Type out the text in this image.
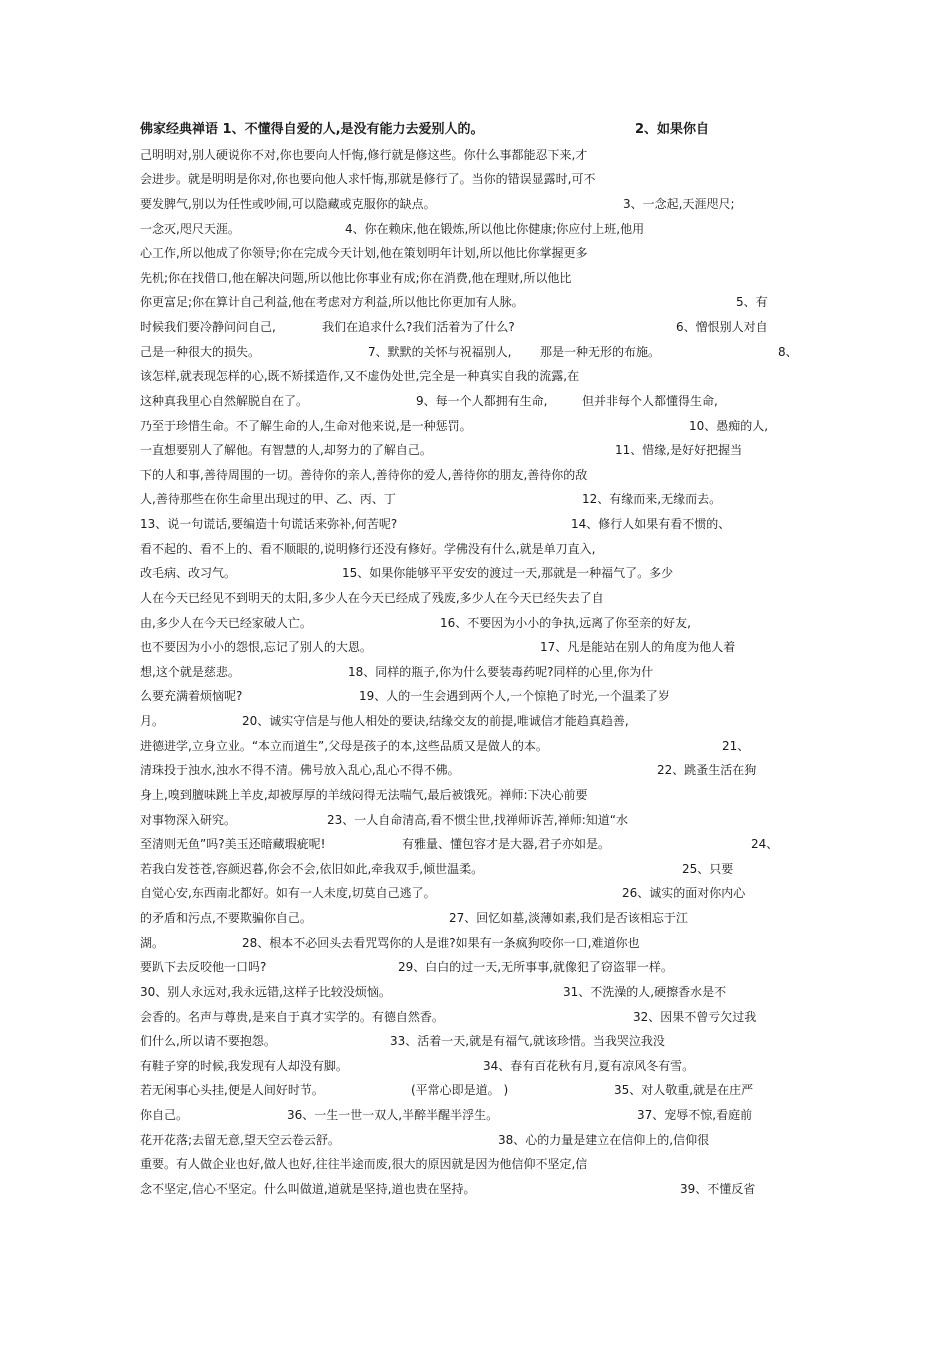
佛家经典禅语 1、不懂得自爱的人,是没有能力去爱别人的。	2、如果你自
己明明对,别人硬说你不对,你也要向人忏悔,修行就是修这些。你什么事都能忍下来,才
会进步。就是明明是你对,你也要向他人求忏悔,那就是修行了。当你的错误显露时,可不
要发脾气,别以为任性或吵闹,可以隐藏或克服你的缺点。	3、一念起,天涯咫尺;
一念灭,咫尺天涯。	4、你在赖床,他在锻炼,所以他比你健康;你应付上班,他用
心工作,所以他成了你领导;你在完成今天计划,他在策划明年计划,所以他比你掌握更多
先机;你在找借口,他在解决问题,所以他比你事业有成;你在消费,他在理财,所以他比
你更富足;你在算计自己利益,他在考虑对方利益,所以他比你更加有人脉。	5、有
时候我们要冷静问问自己,	我们在追求什么?我们活着为了什么?	6、憎恨别人对自
己是一种很大的损失。	7、默默的关怀与祝福别人, 那是一种无形的布施。	8、
该怎样,就表现怎样的心,既不矫揉造作,又不虚伪处世,完全是一种真实自我的流露,在
这种真我里心自然解脱自在了。	9、每一个人都拥有生命,	但并非每个人都懂得生命,
乃至于珍惜生命。不了解生命的人,生命对他来说,是一种惩罚。	10、愚痴的人,
一直想要别人了解他。有智慧的人,却努力的了解自己。	11、惜缘,是好好把握当
下的人和事,善待周围的一切。善待你的亲人,善待你的爱人,善待你的朋友,善待你的敌
人,善待那些在你生命里出现过的甲、乙、丙、丁	12、有缘而来,无缘而去。
13、说一句谎话,要编造十句谎话来弥补,何苦呢?	14、修行人如果有看不惯的、
看不起的、看不上的、看不顺眼的,说明修行还没有修好。学佛没有什么,就是单刀直入,
改毛病、改习气。	15、如果你能够平平安安的渡过一天,那就是一种福气了。多少
人在今天已经见不到明天的太阳,多少人在今天已经成了残废,多少人在今天已经失去了自
由,多少人在今天已经家破人亡。	16、不要因为小小的争执,远离了你至亲的好友,
也不要因为小小的怨恨,忘记了别人的大恩。	17、凡是能站在别人的角度为他人着
想,这个就是慈悲。	18、同样的瓶子,你为什么要装毒药呢?同样的心里,你为什
么要充满着烦恼呢?	19、人的一生会遇到两个人,一个惊艳了时光,一个温柔了岁
月。	20、诚实守信是与他人相处的要诀,结缘交友的前提,唯诚信才能趋真趋善,
进德进学,立身立业。“本立而道生”,父母是孩子的本,这些品质又是做人的本。	21、
清珠投于浊水,浊水不得不清。佛号放入乱心,乱心不得不佛。	22、跳蚤生活在狗
身上,嗅到膻味跳上羊皮,却被厚厚的羊绒闷得无法喘气,最后被饿死。禅师:下决心前要
对事物深入研究。	23、一人自命清高,看不惯尘世,找禅师诉苦,禅师:知道“水
至清则无鱼”吗?美玉还暗藏瑕疵呢!	有雅量、懂包容才是大器, 君子亦如是。	24、
若我白发苍苍,容颜迟暮,你会不会,依旧如此,牵我双手,倾世温柔。	25、只要
自觉心安,东西南北都好。如有一人未度,切莫自己逃了。	26、诚实的面对你内心
的矛盾和污点,不要欺骗你自己。	27、回忆如墓,淡薄如素,我们是否该相忘于江
湖。	28、根本不必回头去看咒骂你的人是谁?如果有一条疯狗咬你一口,难道你也
要趴下去反咬他一口吗?	29、白白的过一天,无所事事,就像犯了窃盗罪一样。
30、别人永远对,我永远错,这样子比较没烦恼。	31、不洗澡的人,硬擦香水是不
会香的。名声与尊贵,是来自于真才实学的。有德自然香。	32、因果不曾亏欠过我
们什么,所以请不要抱怨。	33、活着一天,就是有福气,就该珍惜。当我哭泣我没
有鞋子穿的时候,我发现有人却没有脚。	34、春有百花秋有月,夏有凉风冬有雪。
若无闲事心头挂,便是人间好时节。	(平常心即是道。 )	35、对人敬重,就是在庄严
你自己。	36、一生一世一双人,半醉半醒半浮生。	37、宠辱不惊,看庭前
花开花落;去留无意,望天空云卷云舒。	38、心的力量是建立在信仰上的,信仰很
重要。有人做企业也好,做人也好,往往半途而废,很大的原因就是因为他信仰不坚定,信
念不坚定,信心不坚定。什么叫做道,道就是坚持,道也贵在坚持。	39、不懂反省
